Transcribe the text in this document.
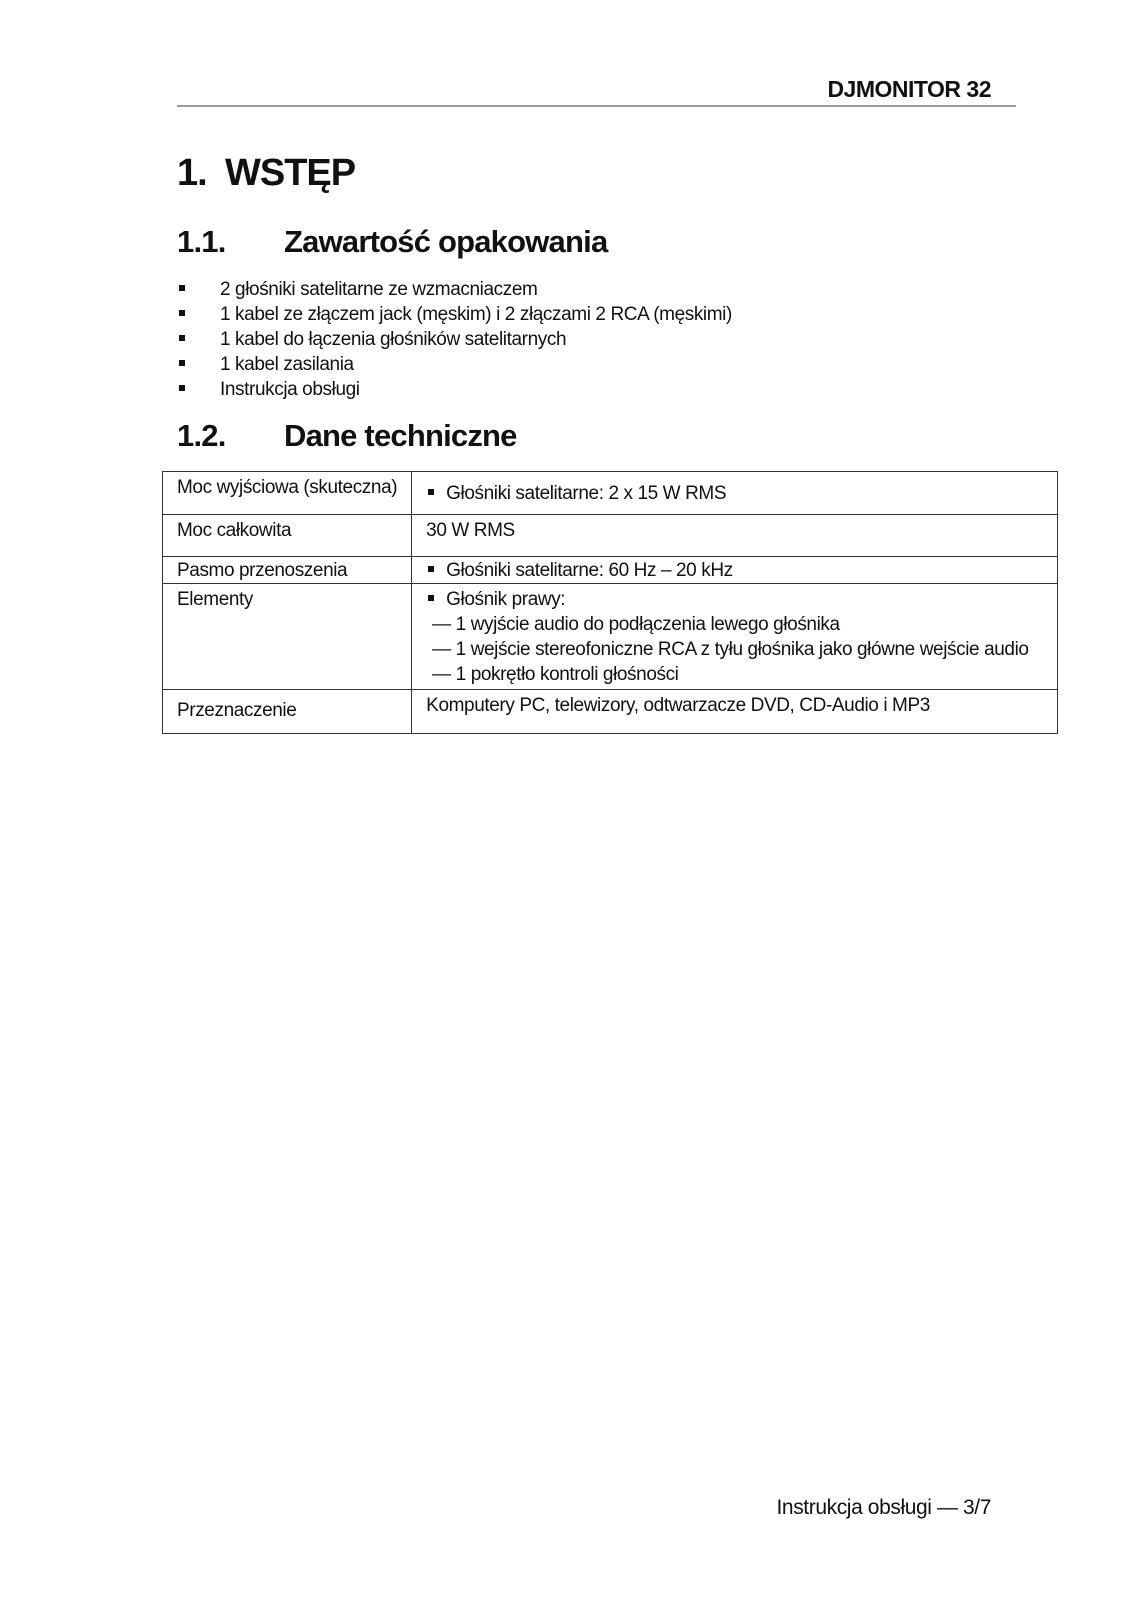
DJMONITOR 32
1. WSTĘP
1.1. Zawartość opakowania
2 głośniki satelitarne ze wzmacniaczem
1 kabel ze złączem jack (męskim) i 2 złączami 2 RCA (męskimi)
1 kabel do łączenia głośników satelitarnych
1 kabel zasilania
Instrukcja obsługi
1.2. Dane techniczne
Moc wyjściowa (skuteczna)	Głośniki satelitarne: 2 x 15 W RMS
Moc całkowita	30 W RMS
Pasmo przenoszenia	Głośniki satelitarne: 60 Hz – 20 kHz
Elementy	Głośnik prawy:
— 1 wyjście audio do podłączenia lewego głośnika
— 1 wejście stereofoniczne RCA z tyłu głośnika jako główne wejście audio
— 1 pokrętło kontroli głośności

Przeznaczenie	Komputery PC, telewizory, odtwarzacze DVD, CD-Audio i MP3
Instrukcja obsługi — 3/7
